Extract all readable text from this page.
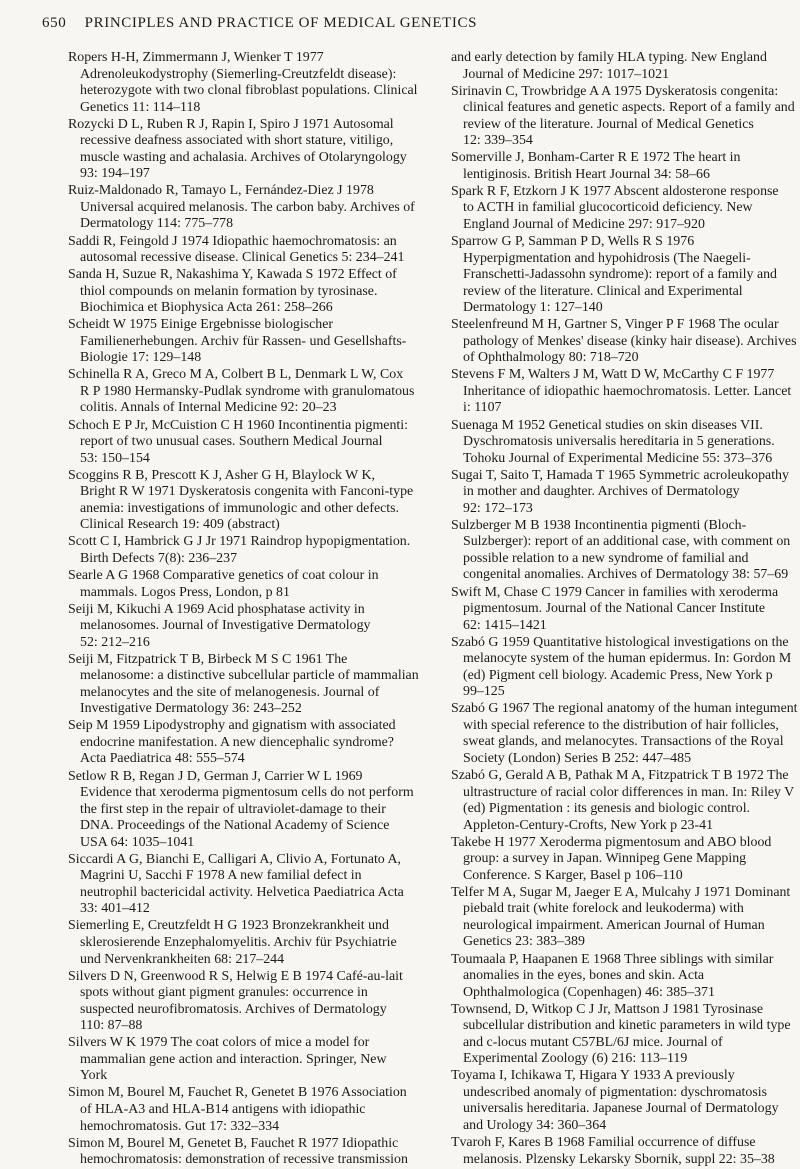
650 PRINCIPLES AND PRACTICE OF MEDICAL GENETICS
Ropers H-H, Zimmermann J, Wienker T 1977
Adrenoleukodystrophy (Siemerling-Creutzfeldt disease):
heterozygote with two clonal fibroblast populations. Clinical
Genetics 11: 114–118
Rozycki D L, Ruben R J, Rapin I, Spiro J 1971 Autosomal
recessive deafness associated with short stature, vitiligo,
muscle wasting and achalasia. Archives of Otolaryngology
93: 194–197
Ruiz-Maldonado R, Tamayo L, Fernández-Diez J 1978
Universal acquired melanosis. The carbon baby. Archives of
Dermatology 114: 775–778
Saddi R, Feingold J 1974 Idiopathic haemochromatosis: an
autosomal recessive disease. Clinical Genetics 5: 234–241
Sanda H, Suzue R, Nakashima Y, Kawada S 1972 Effect of
thiol compounds on melanin formation by tyrosinase.
Biochimica et Biophysica Acta 261: 258–266
Scheidt W 1975 Einige Ergebnisse biologischer
Familienerhebungen. Archiv für Rassen- und Gesellshafts-
Biologie 17: 129–148
Schinella R A, Greco M A, Colbert B L, Denmark L W, Cox
R P 1980 Hermansky-Pudlak syndrome with granulomatous
colitis. Annals of Internal Medicine 92: 20–23
Schoch E P Jr, McCuistion C H 1960 Incontinentia pigmenti:
report of two unusual cases. Southern Medical Journal
53: 150–154
Scoggins R B, Prescott K J, Asher G H, Blaylock W K,
Bright R W 1971 Dyskeratosis congenita with Fanconi-type
anemia: investigations of immunologic and other defects.
Clinical Research 19: 409 (abstract)
Scott C I, Hambrick G J Jr 1971 Raindrop hypopigmentation.
Birth Defects 7(8): 236–237
Searle A G 1968 Comparative genetics of coat colour in
mammals. Logos Press, London, p 81
Seiji M, Kikuchi A 1969 Acid phosphatase activity in
melanosomes. Journal of Investigative Dermatology
52: 212–216
Seiji M, Fitzpatrick T B, Birbeck M S C 1961 The
melanosome: a distinctive subcellular particle of mammalian
melanocytes and the site of melanogenesis. Journal of
Investigative Dermatology 36: 243–252
Seip M 1959 Lipodystrophy and gignatism with associated
endocrine manifestation. A new diencephalic syndrome?
Acta Paediatrica 48: 555–574
Setlow R B, Regan J D, German J, Carrier W L 1969
Evidence that xeroderma pigmentosum cells do not perform
the first step in the repair of ultraviolet-damage to their
DNA. Proceedings of the National Academy of Science
USA 64: 1035–1041
Siccardi A G, Bianchi E, Calligari A, Clivio A, Fortunato A,
Magrini U, Sacchi F 1978 A new familial defect in
neutrophil bactericidal activity. Helvetica Paediatrica Acta
33: 401–412
Siemerling E, Creutzfeldt H G 1923 Bronzekrankheit und
sklerosierende Enzephalomyelitis. Archiv für Psychiatrie
und Nervenkrankheiten 68: 217–244
Silvers D N, Greenwood R S, Helwig E B 1974 Café-au-lait
spots without giant pigment granules: occurrence in
suspected neurofibromatosis. Archives of Dermatology
110: 87–88
Silvers W K 1979 The coat colors of mice a model for
mammalian gene action and interaction. Springer, New
York
Simon M, Bourel M, Fauchet R, Genetet B 1976 Association
of HLA-A3 and HLA-B14 antigens with idiopathic
hemochromatosis. Gut 17: 332–334
Simon M, Bourel M, Genetet B, Fauchet R 1977 Idiopathic
hemochromatosis: demonstration of recessive transmission
and early detection by family HLA typing. New England
Journal of Medicine 297: 1017–1021
Sirinavin C, Trowbridge A A 1975 Dyskeratosis congenita:
clinical features and genetic aspects. Report of a family and
review of the literature. Journal of Medical Genetics
12: 339–354
Somerville J, Bonham-Carter R E 1972 The heart in
lentiginosis. British Heart Journal 34: 58–66
Spark R F, Etzkorn J K 1977 Abscent aldosterone response
to ACTH in familial glucocorticoid deficiency. New
England Journal of Medicine 297: 917–920
Sparrow G P, Samman P D, Wells R S 1976
Hyperpigmentation and hypohidrosis (The Naegeli-
Franschetti-Jadassohn syndrome): report of a family and
review of the literature. Clinical and Experimental
Dermatology 1: 127–140
Steelenfreund M H, Gartner S, Vinger P F 1968 The ocular
pathology of Menkes' disease (kinky hair disease). Archives
of Ophthalmology 80: 718–720
Stevens F M, Walters J M, Watt D W, McCarthy C F 1977
Inheritance of idiopathic haemochromatosis. Letter. Lancet
i: 1107
Suenaga M 1952 Genetical studies on skin diseases VII.
Dyschromatosis universalis hereditaria in 5 generations.
Tohoku Journal of Experimental Medicine 55: 373–376
Sugai T, Saito T, Hamada T 1965 Symmetric acroleukopathy
in mother and daughter. Archives of Dermatology
92: 172–173
Sulzberger M B 1938 Incontinentia pigmenti (Bloch-
Sulzberger): report of an additional case, with comment on
possible relation to a new syndrome of familial and
congenital anomalies. Archives of Dermatology 38: 57–69
Swift M, Chase C 1979 Cancer in families with xeroderma
pigmentosum. Journal of the National Cancer Institute
62: 1415–1421
Szabó G 1959 Quantitative histological investigations on the
melanocyte system of the human epidermus. In: Gordon M
(ed) Pigment cell biology. Academic Press, New York p
99–125
Szabó G 1967 The regional anatomy of the human integument
with special reference to the distribution of hair follicles,
sweat glands, and melanocytes. Transactions of the Royal
Society (London) Series B 252: 447–485
Szabó G, Gerald A B, Pathak M A, Fitzpatrick T B 1972 The
ultrastructure of racial color differences in man. In: Riley V
(ed) Pigmentation : its genesis and biologic control.
Appleton-Century-Crofts, New York p 23-41
Takebe H 1977 Xeroderma pigmentosum and ABO blood
group: a survey in Japan. Winnipeg Gene Mapping
Conference. S Karger, Basel p 106–110
Telfer M A, Sugar M, Jaeger E A, Mulcahy J 1971 Dominant
piebald trait (white forelock and leukoderma) with
neurological impairment. American Journal of Human
Genetics 23: 383–389
Toumaala P, Haapanen E 1968 Three siblings with similar
anomalies in the eyes, bones and skin. Acta
Ophthalmologica (Copenhagen) 46: 385–371
Townsend, D, Witkop C J Jr, Mattson J 1981 Tyrosinase
subcellular distribution and kinetic parameters in wild type
and c-locus mutant C57BL/6J mice. Journal of
Experimental Zoology (6) 216: 113–119
Toyama I, Ichikawa T, Higara Y 1933 A previously
undescribed anomaly of pigmentation: dyschromatosis
universalis hereditaria. Japanese Journal of Dermatology
and Urology 34: 360–364
Tvaroh F, Kares B 1968 Familial occurrence of diffuse
melanosis. Plzensky Lekarsky Sbornik, suppl 22: 35–38
